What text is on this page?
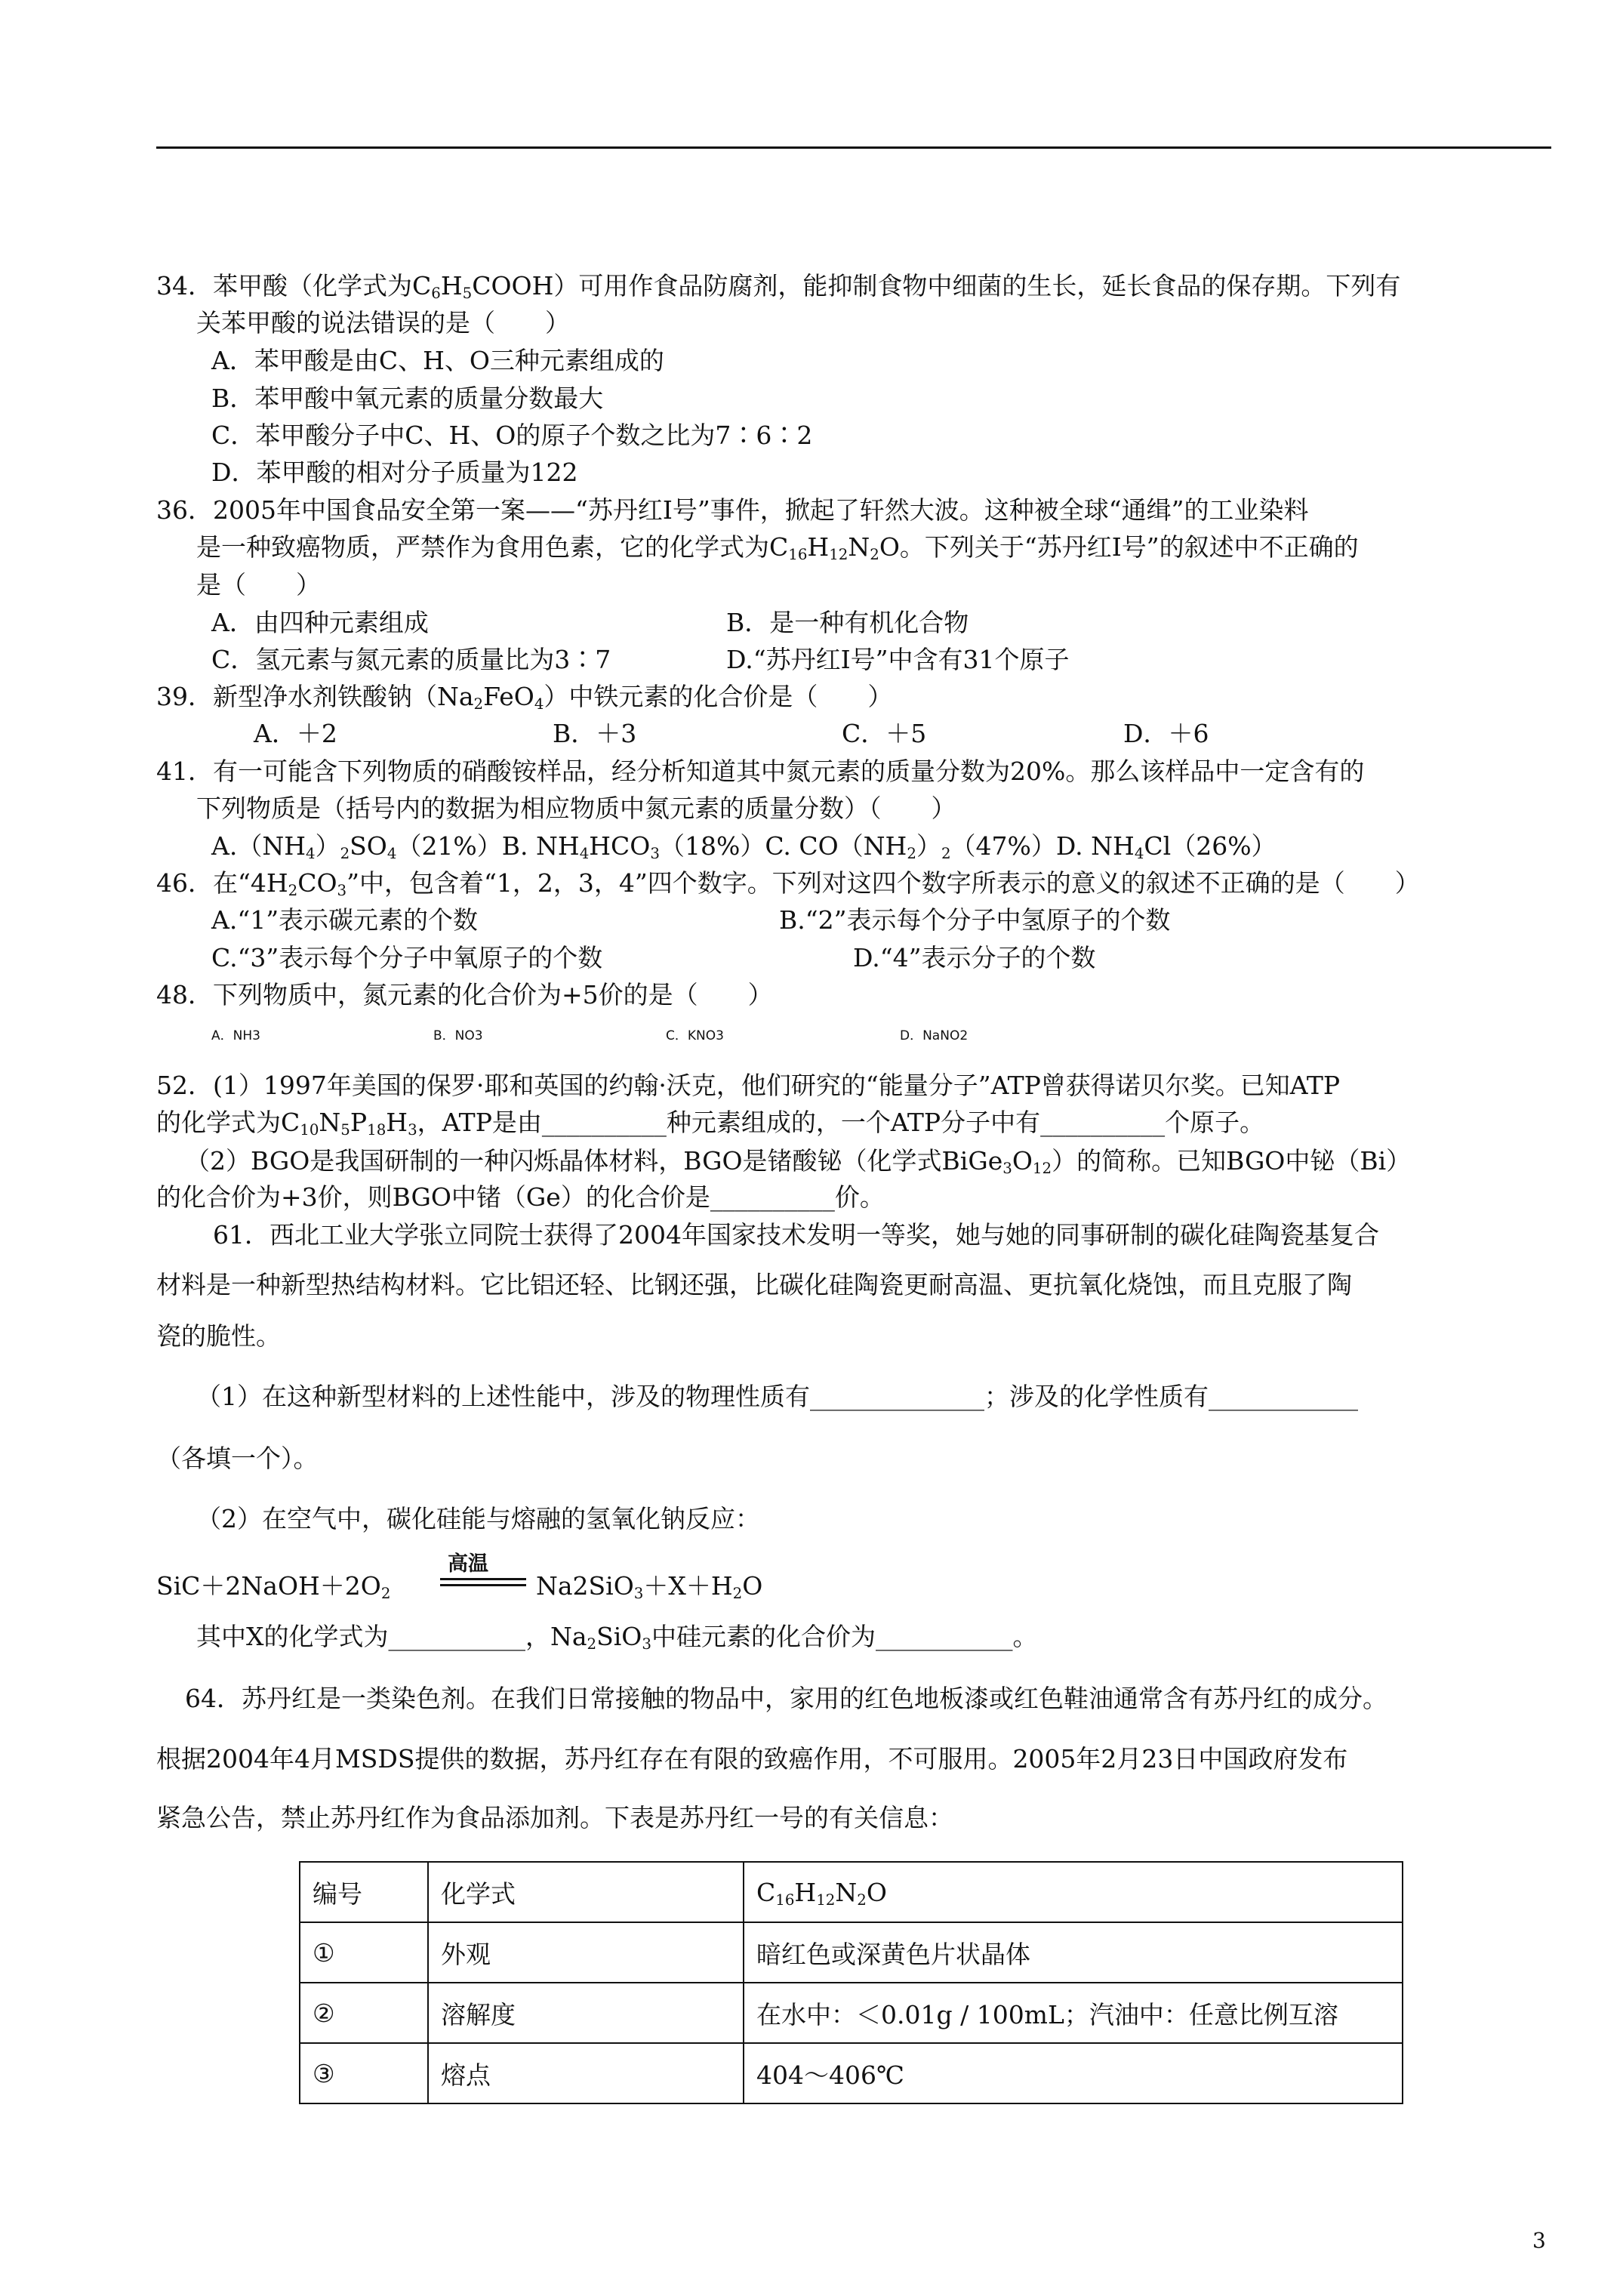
34．苯甲酸（化学式为$C_6H_5COOH$）可用作食品防腐剂，能抑制食物中细菌的生长，延长食品的保存期。下列有
关苯甲酸的说法错误的是（　　）
A．苯甲酸是由C、H、O三种元素组成的
B．苯甲酸中氧元素的质量分数最大
C．苯甲酸分子中C、H、O的原子个数之比为7∶6∶2
D．苯甲酸的相对分子质量为122
36．2005年中国食品安全第一案——“苏丹红Ⅰ号”事件，掀起了轩然大波。这种被全球“通缉”的工业染料
是一种致癌物质，严禁作为食用色素，它的化学式为$C_{16}H_{12}N_2O$。下列关于“苏丹红Ⅰ号”的叙述中不正确的
是（　　）
A．由四种元素组成	B．是一种有机化合物
C．氢元素与氮元素的质量比为3∶7	D.“苏丹红Ⅰ号”中含有31个原子
39．新型净水剂铁酸钠$(Na_2FeO_4)$中铁元素的化合价是（　　）
A．＋2	B．＋3	C．＋5	D．＋6
41．有一可能含下列物质的硝酸铵样品，经分析知道其中氮元素的质量分数为20%。那么该样品中一定含有的
下列物质是（括号内的数据为相应物质中氮元素的质量分数）（　　）
$A.(NH_4)_2SO_4(21\%)B$. $NH_4HCO_3(18\%)C$. $CO(NH_2)_2(47\%)D$. $NH_4Cl(26\%)$
46．在“$4H_2CO_3$”中，包含着“1，2，3，4”四个数字。下列对这四个数字所表示的意义的叙述不正确的是（　　）
A.“1”表示碳元素的个数	B.“2”表示每个分子中氢原子的个数
C.“3”表示每个分子中氧原子的个数	D.“4”表示分子的个数
48．下列物质中，氮元素的化合价为+5价的是（　　）
A．NH3	B．NO3	C．KNO3	D．NaNO2
52．(1）1997年美国的保罗·耶和英国的约翰·沃克，他们研究的“能量分子”ATP曾获得诺贝尔奖。已知ATP
的化学式为$C_{10}N_5P_{18}H_3$，ATP是由__________种元素组成的，一个ATP分子中有__________个原子。
（2）BGO是我国研制的一种闪烁晶体材料，BGO是锗酸铋（化学式$BiGe_3O_{12}$）的简称。已知BGO中铋（Bi）
的化合价为+3价，则BGO中锗（Ge）的化合价是__________价。
61．西北工业大学张立同院士获得了2004年国家技术发明一等奖，她与她的同事研制的碳化硅陶瓷基复合
材料是一种新型热结构材料。它比铝还轻、比钢还强，比碳化硅陶瓷更耐高温、更抗氧化烧蚀，而且克服了陶
瓷的脆性。
（1）在这种新型材料的上述性能中，涉及的物理性质有______________；涉及的化学性质有____________
（各填一个）。
（2）在空气中，碳化硅能与熔融的氢氧化钠反应：
$SiC+2NaOH+2O_2$
高温
$Na2SiO_3+X+H_2O$
其中X的化学式为___________，$Na_2SiO_3$中硅元素的化合价为___________。
64．苏丹红是一类染色剂。在我们日常接触的物品中，家用的红色地板漆或红色鞋油通常含有苏丹红的成分。
根据2004年4月MSDS提供的数据，苏丹红存在有限的致癌作用，不可服用。2005年2月23日中国政府发布
紧急公告，禁止苏丹红作为食品添加剂。下表是苏丹红一号的有关信息：
编号	化学式	$C_{16}H_{12}N_2O$
①	外观	暗红色或深黄色片状晶体
②	溶解度	在水中：＜0.01g / 100mL；汽油中：任意比例互溶
③	熔点	404～406℃
3
